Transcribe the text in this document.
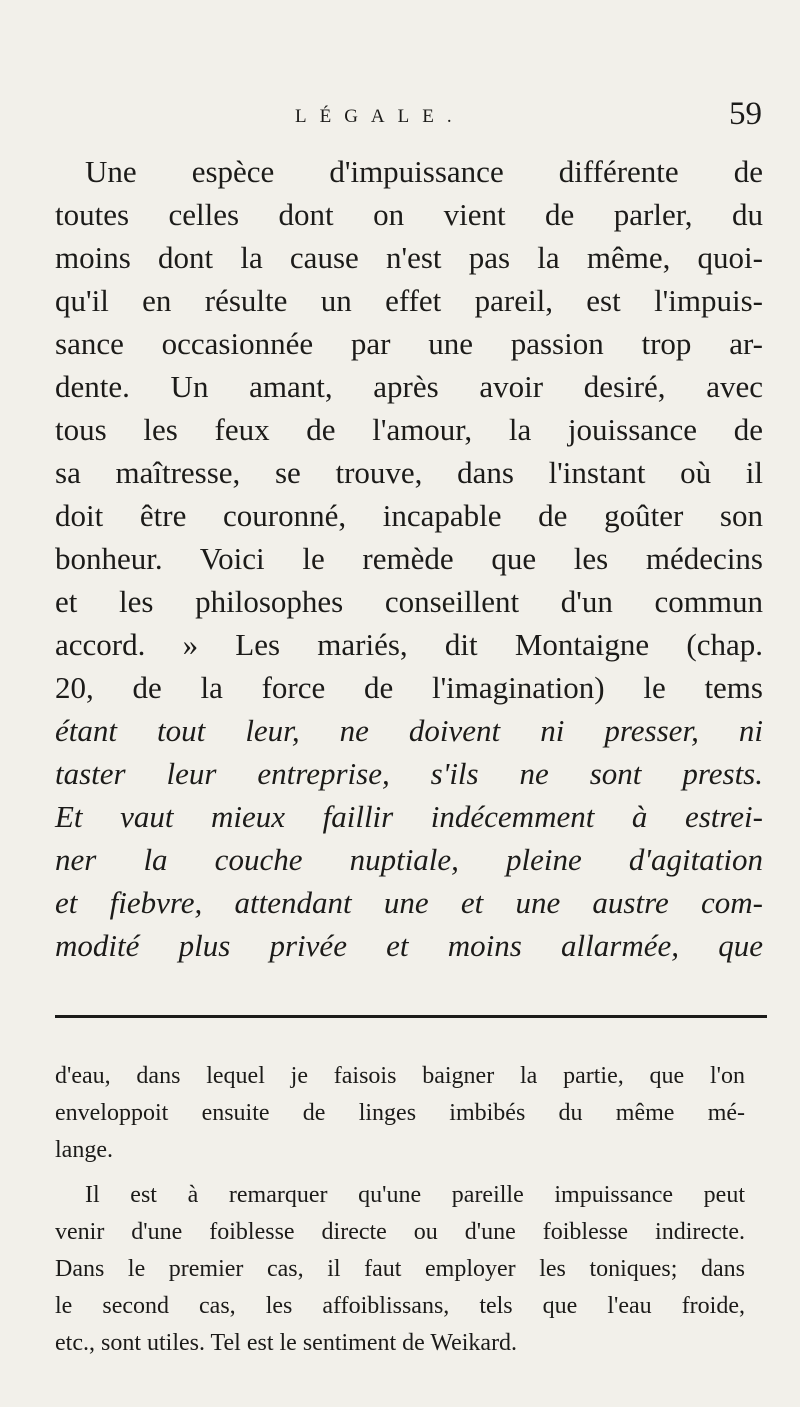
LÉGALE.	59
Une espèce d'impuissance différente de
toutes celles dont on vient de parler, du
moins dont la cause n'est pas la même, quoi-
qu'il en résulte un effet pareil, est l'impuis-
sance occasionnée par une passion trop ar-
dente. Un amant, après avoir desiré, avec
tous les feux de l'amour, la jouissance de
sa maîtresse, se trouve, dans l'instant où il
doit être couronné, incapable de goûter son
bonheur. Voici le remède que les médecins
et les philosophes conseillent d'un commun
accord. » Les mariés, dit Montaigne (chap.
20, de la force de l'imagination) le tems
étant tout leur, ne doivent ni presser, ni
taster leur entreprise, s'ils ne sont prests.
Et vaut mieux faillir indécemment à estrei-
ner la couche nuptiale, pleine d'agitation
et fiebvre, attendant une et une austre com-
modité plus privée et moins allarmée, que
d'eau, dans lequel je faisois baigner la partie, que l'on
enveloppoit ensuite de linges imbibés du même mé-
lange.
Il est à remarquer qu'une pareille impuissance peut
venir d'une foiblesse directe ou d'une foiblesse indirecte.
Dans le premier cas, il faut employer les toniques; dans
le second cas, les affoiblissans, tels que l'eau froide,
etc., sont utiles. Tel est le sentiment de Weikard.
